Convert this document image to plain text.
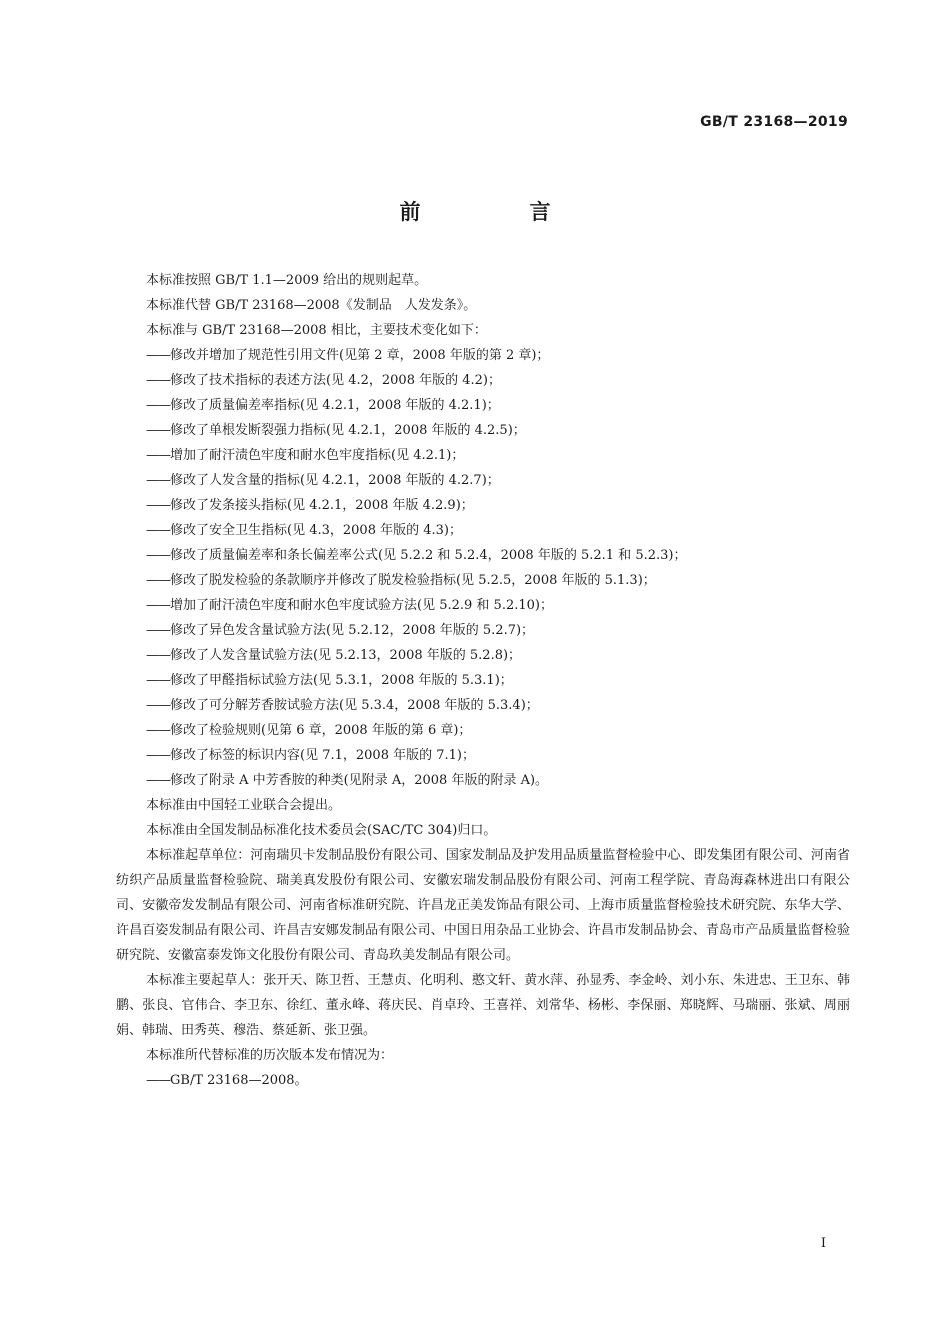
GB/T 23168—2019
前　言

本标准按照 GB/T 1.1—2009 给出的规则起草。

本标准代替 GB/T 23168—2008《发制品　人发发条》。

本标准与 GB/T 23168—2008 相比，主要技术变化如下：

——修改并增加了规范性引用文件(见第 2 章，2008 年版的第 2 章)；

——修改了技术指标的表述方法(见 4.2，2008 年版的 4.2)；

——修改了质量偏差率指标(见 4.2.1，2008 年版的 4.2.1)；

——修改了单根发断裂强力指标(见 4.2.1，2008 年版的 4.2.5)；

——增加了耐汗渍色牢度和耐水色牢度指标(见 4.2.1)；

——修改了人发含量的指标(见 4.2.1，2008 年版的 4.2.7)；

——修改了发条接头指标(见 4.2.1，2008 年版 4.2.9)；

——修改了安全卫生指标(见 4.3，2008 年版的 4.3)；

——修改了质量偏差率和条长偏差率公式(见 5.2.2 和 5.2.4，2008 年版的 5.2.1 和 5.2.3)；

——修改了脱发检验的条款顺序并修改了脱发检验指标(见 5.2.5，2008 年版的 5.1.3)；

——增加了耐汗渍色牢度和耐水色牢度试验方法(见 5.2.9 和 5.2.10)；

——修改了异色发含量试验方法(见 5.2.12，2008 年版的 5.2.7)；

——修改了人发含量试验方法(见 5.2.13，2008 年版的 5.2.8)；

——修改了甲醛指标试验方法(见 5.3.1，2008 年版的 5.3.1)；

——修改了可分解芳香胺试验方法(见 5.3.4，2008 年版的 5.3.4)；

——修改了检验规则(见第 6 章，2008 年版的第 6 章)；

——修改了标签的标识内容(见 7.1，2008 年版的 7.1)；

——修改了附录 A 中芳香胺的种类(见附录 A，2008 年版的附录 A)。

本标准由中国轻工业联合会提出。

本标准由全国发制品标准化技术委员会(SAC/TC 304)归口。

本标准起草单位：河南瑞贝卡发制品股份有限公司、国家发制品及护发用品质量监督检验中心、即发集团有限公司、河南省纺织产品质量监督检验院、瑞美真发股份有限公司、安徽宏瑞发制品股份有限公司、河南工程学院、青岛海森林进出口有限公司、安徽帝发发制品有限公司、河南省标准研究院、许昌龙正美发饰品有限公司、上海市质量监督检验技术研究院、东华大学、许昌百姿发制品有限公司、许昌吉安娜发制品有限公司、中国日用杂品工业协会、许昌市发制品协会、青岛市产品质量监督检验研究院、安徽富泰发饰文化股份有限公司、青岛玖美发制品有限公司。

本标准主要起草人：张开天、陈卫哲、王慧贞、化明利、憨文轩、黄水萍、孙显秀、李金岭、刘小东、朱进忠、王卫东、韩鹏、张良、官伟合、李卫东、徐红、董永峰、蒋庆民、肖卓玲、王喜祥、刘常华、杨彬、李保丽、郑晓辉、马瑞丽、张斌、周丽娟、韩瑞、田秀英、穆浩、蔡延新、张卫强。

本标准所代替标准的历次版本发布情况为：

——GB/T 23168—2008。

Ⅰ
